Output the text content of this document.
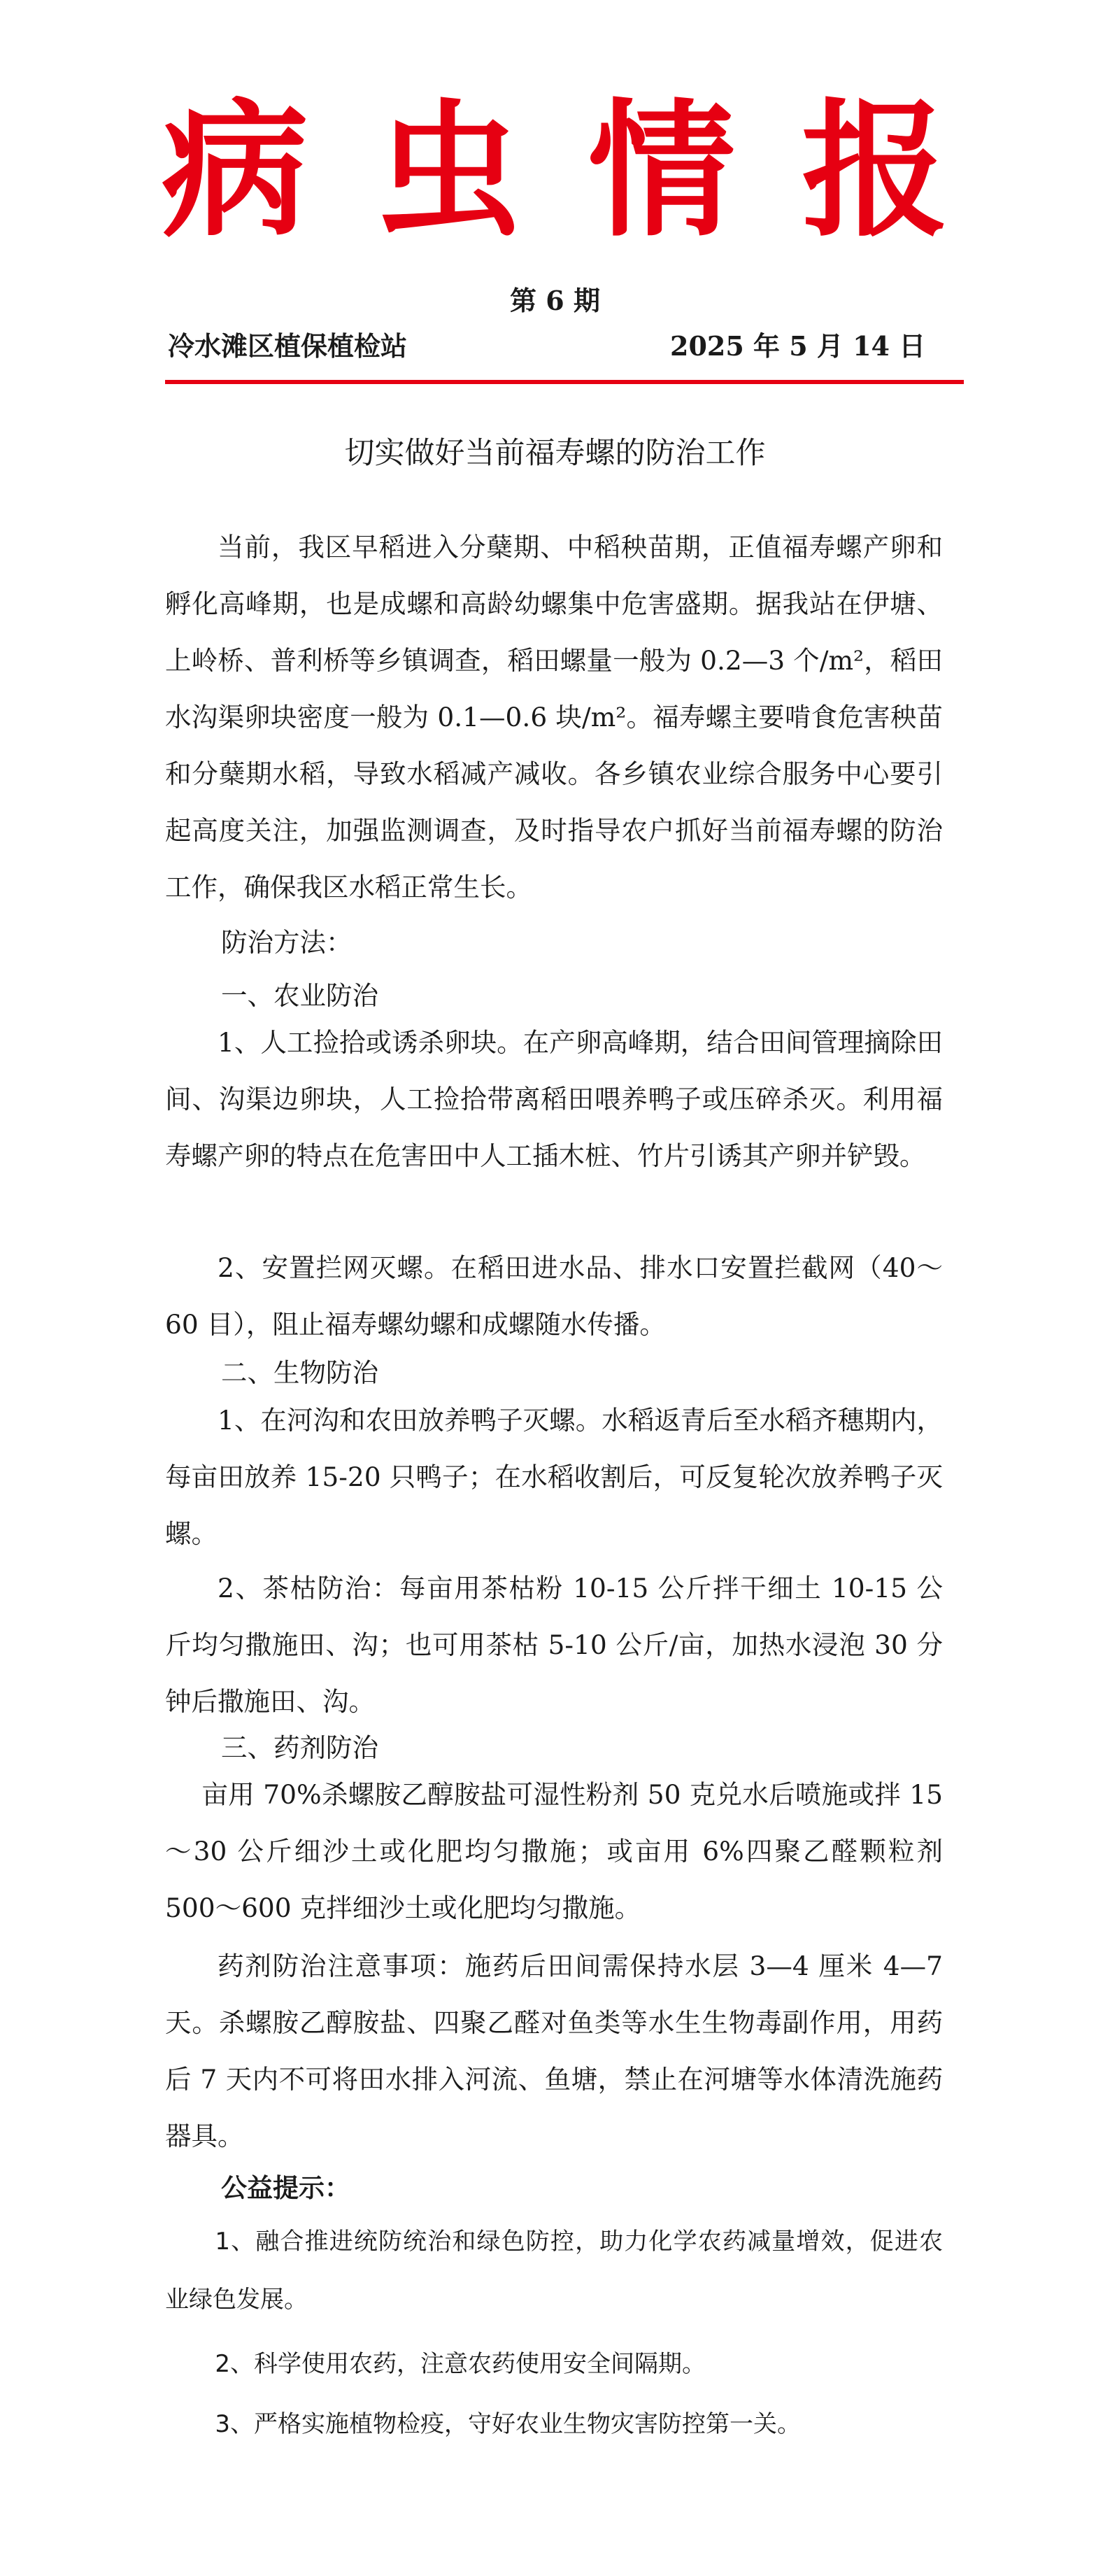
病虫情报
第 6 期
冷水滩区植保植检站	2025 年 5 月 14 日
切实做好当前福寿螺的防治工作

当前，我区早稻进入分蘖期、中稻秧苗期，正值福寿螺产卵和孵化高峰期，也是成螺和高龄幼螺集中危害盛期。据我站在伊塘、上岭桥、普利桥等乡镇调查，稻田螺量一般为 0.2—3 个/m²，稻田水沟渠卵块密度一般为 0.1—0.6 块/m²。福寿螺主要啃食危害秧苗和分蘖期水稻，导致水稻减产减收。各乡镇农业综合服务中心要引起高度关注，加强监测调查，及时指导农户抓好当前福寿螺的防治工作，确保我区水稻正常生长。

防治方法：

一、农业防治

1、人工捡拾或诱杀卵块。在产卵高峰期，结合田间管理摘除田间、沟渠边卵块，人工捡拾带离稻田喂养鸭子或压碎杀灭。利用福寿螺产卵的特点在危害田中人工插木桩、竹片引诱其产卵并铲毁。

2、安置拦网灭螺。在稻田进水品、排水口安置拦截网（40～60 目），阻止福寿螺幼螺和成螺随水传播。

二、生物防治

1、在河沟和农田放养鸭子灭螺。水稻返青后至水稻齐穗期内，每亩田放养 15-20 只鸭子；在水稻收割后，可反复轮次放养鸭子灭螺。

2、茶枯防治：每亩用茶枯粉 10-15 公斤拌干细土 10-15 公斤均匀撒施田、沟；也可用茶枯 5-10 公斤/亩，加热水浸泡 30 分钟后撒施田、沟。

三、药剂防治

亩用 70%杀螺胺乙醇胺盐可湿性粉剂 50 克兑水后喷施或拌 15～30 公斤细沙土或化肥均匀撒施；或亩用 6%四聚乙醛颗粒剂 500～600 克拌细沙土或化肥均匀撒施。

药剂防治注意事项：施药后田间需保持水层 3—4 厘米 4—7 天。杀螺胺乙醇胺盐、四聚乙醛对鱼类等水生生物毒副作用，用药后 7 天内不可将田水排入河流、鱼塘，禁止在河塘等水体清洗施药器具。

公益提示：

1、融合推进统防统治和绿色防控，助力化学农药减量增效，促进农业绿色发展。

2、科学使用农药，注意农药使用安全间隔期。

3、严格实施植物检疫，守好农业生物灾害防控第一关。
